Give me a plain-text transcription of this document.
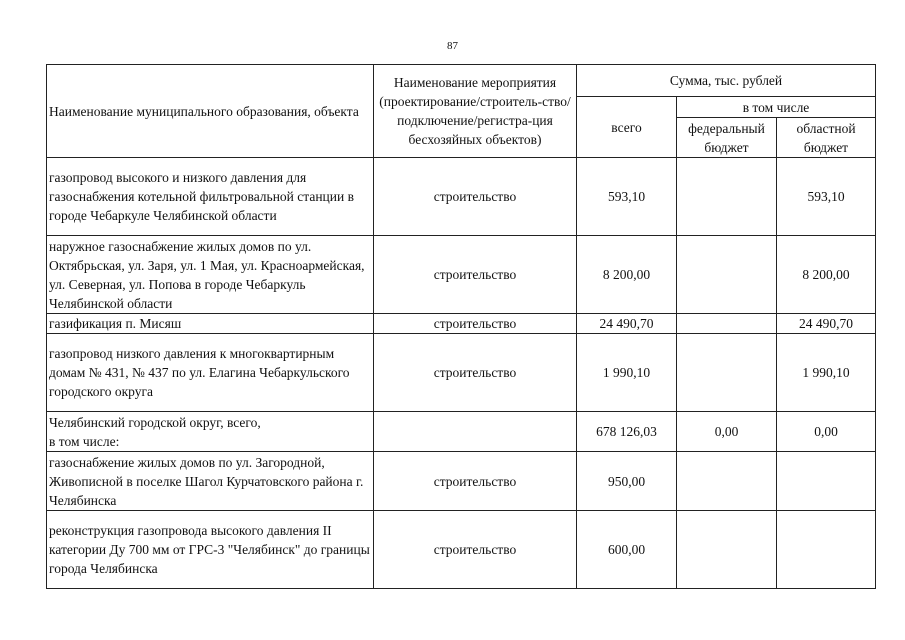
87
Наименование муниципального образования, объекта	Наименование мероприятия (проектирование/строитель-ство/подключение/регистра-ция бесхозяйных объектов)	Сумма, тыс. рублей		
		всего	в том числе	
			федеральный бюджет	областной бюджет
газопровод высокого и низкого давления для газоснабжения котельной фильтровальной станции в городе Чебаркуле Челябинской области	строительство	593,10		593,10
наружное газоснабжение жилых домов по ул. Октябрьская, ул. Заря, ул. 1 Мая, ул. Красноармейская, ул. Северная, ул. Попова в городе Чебаркуль Челябинской области	строительство	8 200,00		8 200,00
газификация п. Мисяш	строительство	24 490,70		24 490,70
газопровод низкого давления к многоквартирным домам № 431, № 437 по ул. Елагина Чебаркульского городского округа	строительство	1 990,10		1 990,10

Челябинский городской округ, всего,
в том числе:		678 126,03	0,00	0,00
газоснабжение жилых домов по ул. Загородной, Живописной в поселке Шагол Курчатовского района г. Челябинска	строительство	950,00		
реконструкция газопровода высокого давления II категории Ду 700 мм от ГРС-3 "Челябинск" до границы города Челябинска	строительство	600,00		
